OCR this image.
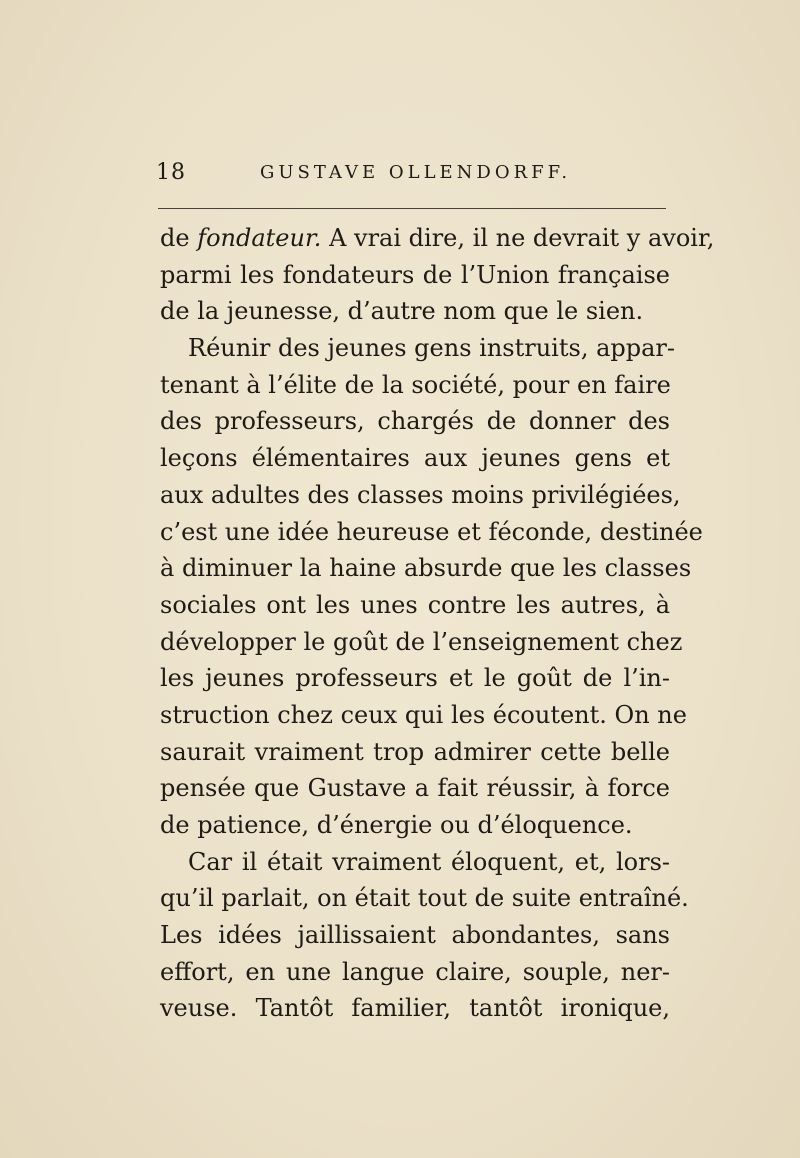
18	GUSTAVE OLLENDORFF.
de fondateur. A vrai dire, il ne devrait y avoir,
parmi les fondateurs de l’Union française
de la jeunesse, d’autre nom que le sien.
Réunir des jeunes gens instruits, appar-
tenant à l’élite de la société, pour en faire
des professeurs, chargés de donner des
leçons élémentaires aux jeunes gens et
aux adultes des classes moins privilégiées,
c’est une idée heureuse et féconde, destinée
à diminuer la haine absurde que les classes
sociales ont les unes contre les autres, à
développer le goût de l’enseignement chez
les jeunes professeurs et le goût de l’in-
struction chez ceux qui les écoutent. On ne
saurait vraiment trop admirer cette belle
pensée que Gustave a fait réussir, à force
de patience, d’énergie ou d’éloquence.
Car il était vraiment éloquent, et, lors-
qu’il parlait, on était tout de suite entraîné.
Les idées jaillissaient abondantes, sans
effort, en une langue claire, souple, ner-
veuse. Tantôt familier, tantôt ironique,
